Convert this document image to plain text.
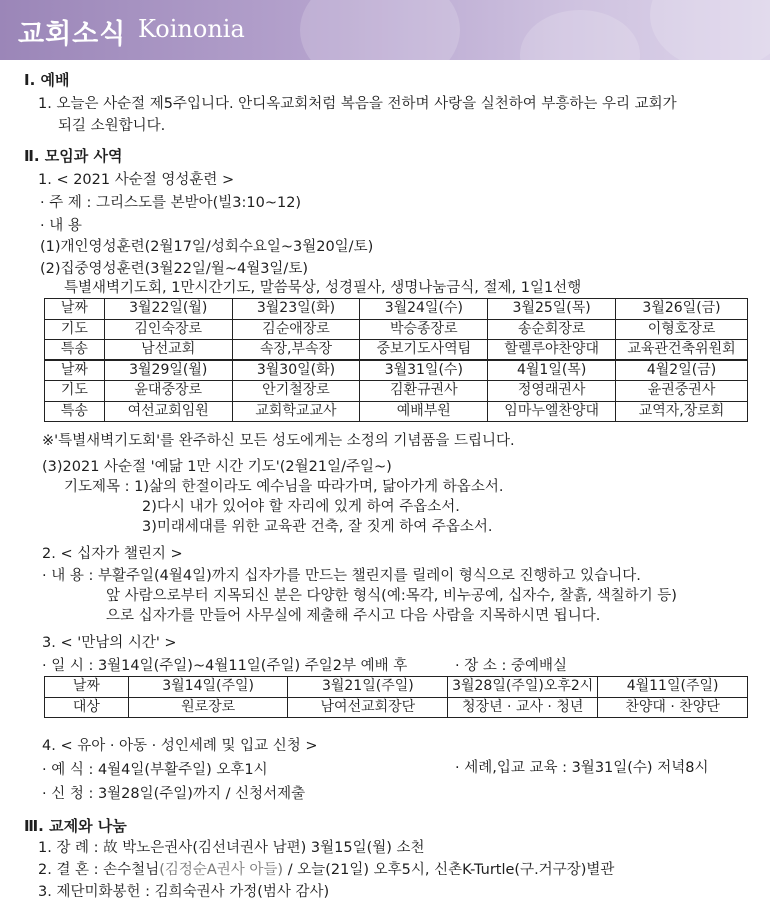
교회소식 Koinonia
Ⅰ. 예배
1. 오늘은 사순절 제5주입니다. 안디옥교회처럼 복음을 전하며 사랑을 실천하여 부흥하는 우리 교회가
되길 소원합니다.
Ⅱ. 모임과 사역
1. < 2021 사순절 영성훈련 >
· 주 제 : 그리스도를 본받아(빌3:10~12)
· 내 용
(1)개인영성훈련(2월17일/성회수요일~3월20일/토)
(2)집중영성훈련(3월22일/월~4월3일/토)
특별새벽기도회, 1만시간기도, 말씀묵상, 성경필사, 생명나눔금식, 절제, 1일1선행
날짜	3월22일(월)	3월23일(화)	3월24일(수)	3월25일(목)	3월26일(금)
기도	김인숙장로	김순애장로	박승종장로	송순회장로	이형호장로
특송	남선교회	속장,부속장	중보기도사역팀	할렐루야찬양대	교육관건축위원회
날짜	3월29일(월)	3월30일(화)	3월31일(수)	4월1일(목)	4월2일(금)
기도	윤대중장로	안기철장로	김환규권사	정영래권사	윤권중권사
특송	여선교회임원	교회학교교사	예배부원	임마누엘찬양대	교역자,장로회
※'특별새벽기도회'를 완주하신 모든 성도에게는 소정의 기념품을 드립니다.
(3)2021 사순절 '예닮 1만 시간 기도'(2월21일/주일~)
기도제목 : 1)삶의 한절이라도 예수님을 따라가며, 닮아가게 하옵소서.
2)다시 내가 있어야 할 자리에 있게 하여 주옵소서.
3)미래세대를 위한 교육관 건축, 잘 짓게 하여 주옵소서.
2. < 십자가 챌린지 >
· 내 용 : 부활주일(4월4일)까지 십자가를 만드는 챌린지를 릴레이 형식으로 진행하고 있습니다.
앞 사람으로부터 지목되신 분은 다양한 형식(예:목각, 비누공예, 십자수, 찰흙, 색칠하기 등)
으로 십자가를 만들어 사무실에 제출해 주시고 다음 사람을 지목하시면 됩니다.
3. < '만남의 시간' >
· 일 시 : 3월14일(주일)~4월11일(주일) 주일2부 예배 후	· 장 소 : 중예배실
날짜	3월14일(주일)	3월21일(주일)	3월28일(주일)오후2시	4월11일(주일)
대상	원로장로	남여선교회장단	청장년 · 교사 · 청년	찬양대 · 찬양단
4. < 유아 · 아동 · 성인세례 및 입교 신청 >
· 예 식 : 4월4일(부활주일) 오후1시	· 세례,입교 교육 : 3월31일(수) 저녁8시
· 신 청 : 3월28일(주일)까지 / 신청서제출
Ⅲ. 교제와 나눔
1. 장 례 : 故 박노은권사(김선녀권사 남편) 3월15일(월) 소천
2. 결 혼 : 손수철님(김정순A권사 아들) / 오늘(21일) 오후5시, 신촌K-Turtle(구.거구장)별관
3. 제단미화봉헌 : 김희숙권사 가정(범사 감사)
